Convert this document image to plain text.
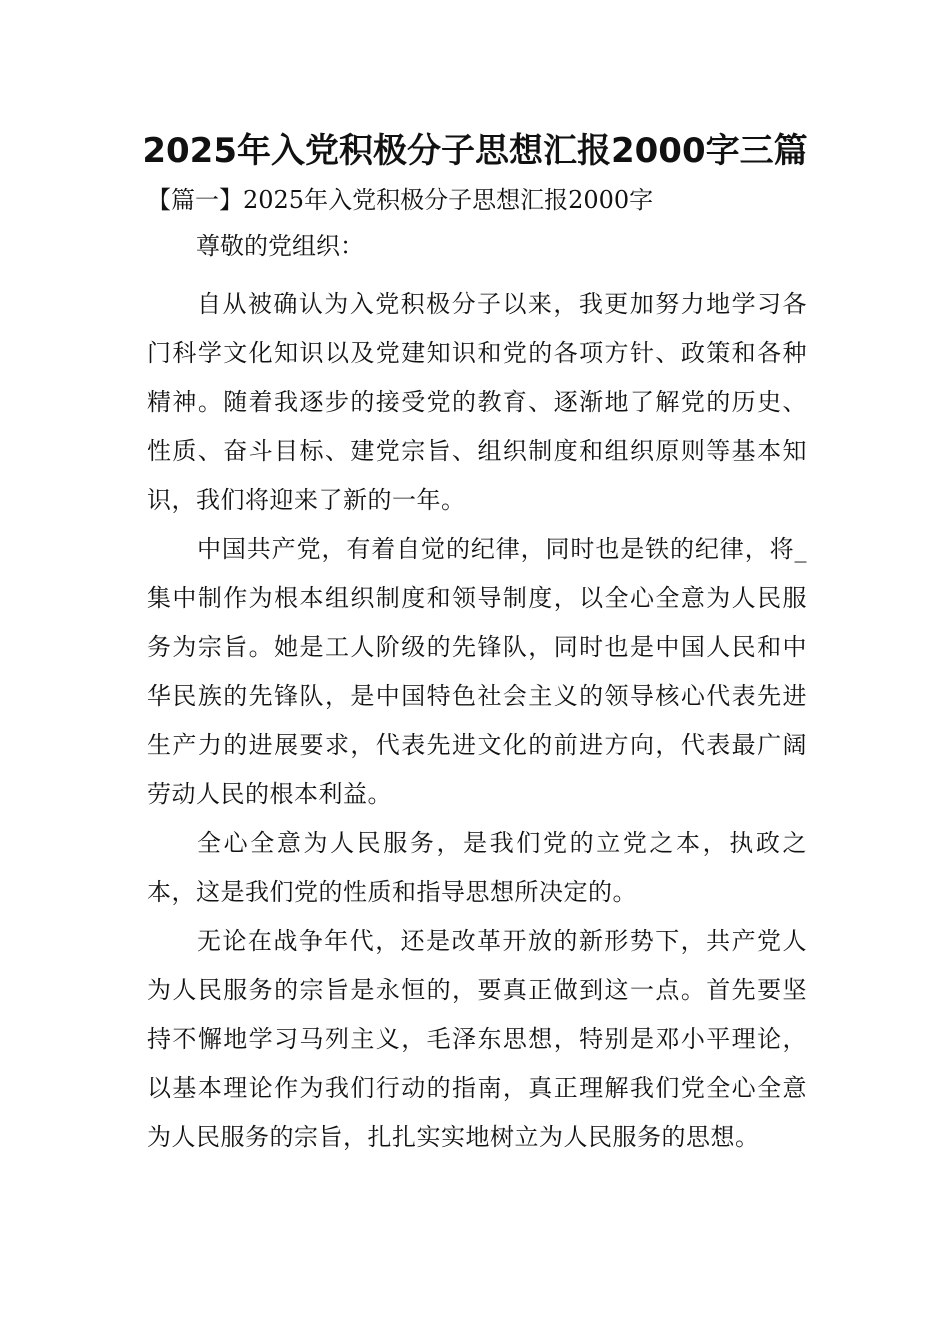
2025年入党积极分子思想汇报2000字三篇
【篇一】2025年入党积极分子思想汇报2000字
尊敬的党组织：

自从被确认为入党积极分子以来，我更加努力地学习各门科学文化知识以及党建知识和党的各项方针、政策和各种精神。随着我逐步的接受党的教育、逐渐地了解党的历史、性质、奋斗目标、建党宗旨、组织制度和组织原则等基本知识，我们将迎来了新的一年。

中国共产党，有着自觉的纪律，同时也是铁的纪律，将_集中制作为根本组织制度和领导制度，以全心全意为人民服务为宗旨。她是工人阶级的先锋队，同时也是中国人民和中华民族的先锋队，是中国特色社会主义的领导核心代表先进生产力的进展要求，代表先进文化的前进方向，代表最广阔劳动人民的根本利益。

全心全意为人民服务，是我们党的立党之本，执政之本，这是我们党的性质和指导思想所决定的。

无论在战争年代，还是改革开放的新形势下，共产党人为人民服务的宗旨是永恒的，要真正做到这一点。首先要坚持不懈地学习马列主义，毛泽东思想，特别是邓小平理论，以基本理论作为我们行动的指南，真正理解我们党全心全意为人民服务的宗旨，扎扎实实地树立为人民服务的思想。
